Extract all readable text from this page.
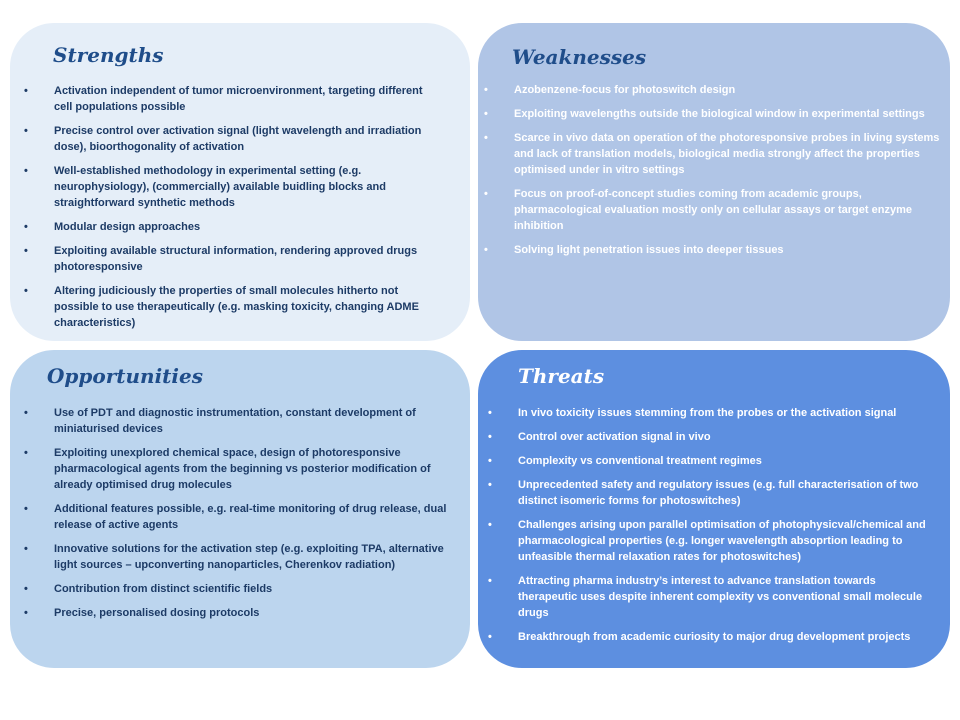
Strengths
•	Activation independent of tumor microenvironment, targeting different cell populations possible
•	Precise control over activation signal (light wavelength and irradiation dose), bioorthogonality of activation
•	Well-established methodology in experimental setting (e.g. neurophysiology), (commercially) available buidling blocks and straightforward synthetic methods
•	Modular design approaches
•	Exploiting available structural information, rendering approved drugs photoresponsive
•	Altering judiciously the properties of small molecules hitherto not possible to use therapeutically (e.g. masking toxicity, changing ADME characteristics)
Weaknesses
•	Azobenzene-focus for photoswitch design
•	Exploiting wavelengths outside the biological window in experimental settings
•	Scarce in vivo data on operation of the photoresponsive probes in living systems and lack of translation models, biological media strongly affect the properties optimised under in vitro settings
•	Focus on proof-of-concept studies coming from academic groups, pharmacological evaluation mostly only on cellular assays or target enzyme inhibition
•	Solving light penetration issues into deeper tissues
Opportunities
•	Use of PDT and diagnostic instrumentation, constant development of miniaturised devices
•	Exploiting unexplored chemical space, design of photoresponsive pharmacological agents from the beginning vs posterior modification of already optimised drug molecules
•	Additional features possible, e.g. real-time monitoring of drug release, dual release of active agents
•	Innovative solutions for the activation step (e.g. exploiting TPA, alternative light sources – upconverting nanoparticles, Cherenkov radiation)
•	Contribution from distinct scientific fields
•	Precise, personalised dosing protocols
Threats
•	In vivo toxicity issues stemming from the probes or the activation signal
•	Control over activation signal in vivo
•	Complexity vs conventional treatment regimes
•	Unprecedented safety and regulatory issues (e.g. full characterisation of two distinct isomeric forms for photoswitches)
•	Challenges arising upon parallel optimisation of photophysicval/chemical and pharmacological properties (e.g. longer wavelength absoprtion leading to unfeasible thermal relaxation rates for photoswitches)
•	Attracting pharma industry’s interest to advance translation towards therapeutic uses despite inherent complexity vs conventional small molecule drugs
•	Breakthrough from academic curiosity to major drug development projects
